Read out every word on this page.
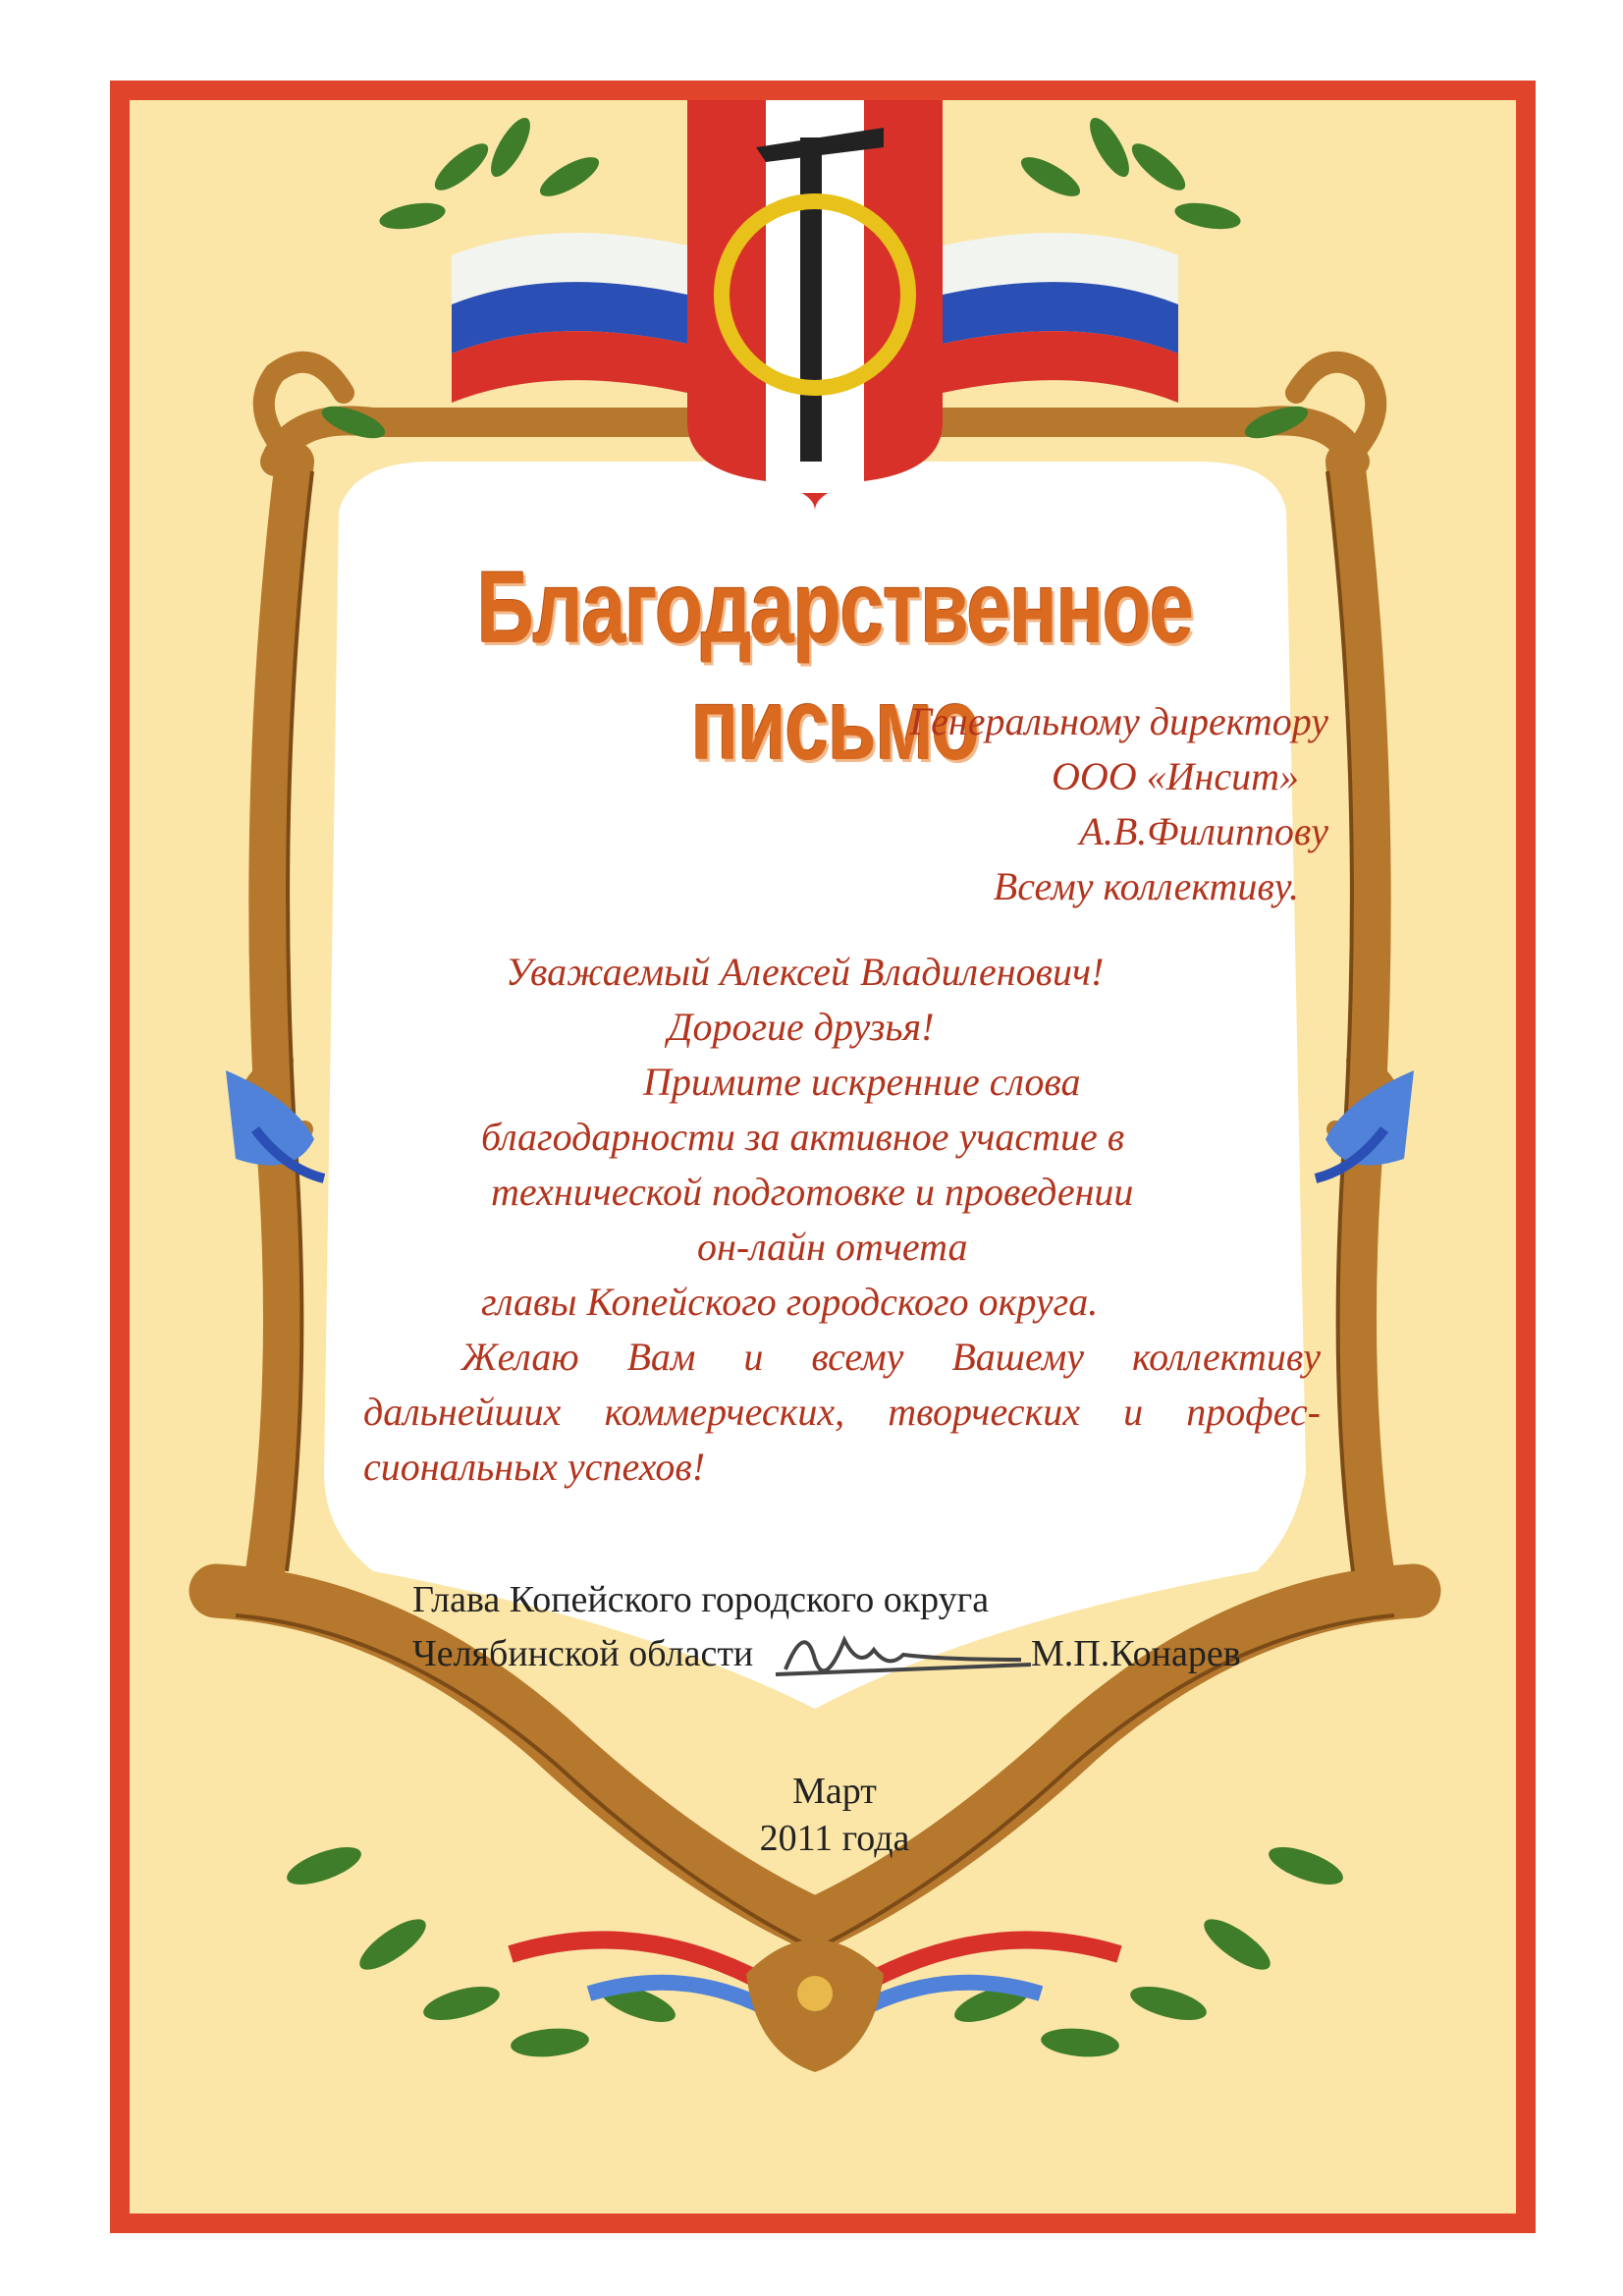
Благодарственное письмо
Генеральному директору
ООО «Инсит»
А.В.Филиппову
Всему коллективу.
Уважаемый Алексей Владиленович!
Дорогие друзья!
Примите искренние слова
благодарности за активное участие в
технической подготовке и проведении
он-лайн отчета
главы Копейского городского округа.
Желаю Вам и всему Вашему коллективу
дальнейших коммерческих, творческих и профес-
сиональных успехов!
Глава Копейского городского округа
Челябинской области	М.П.Конарев
Март
2011 года
